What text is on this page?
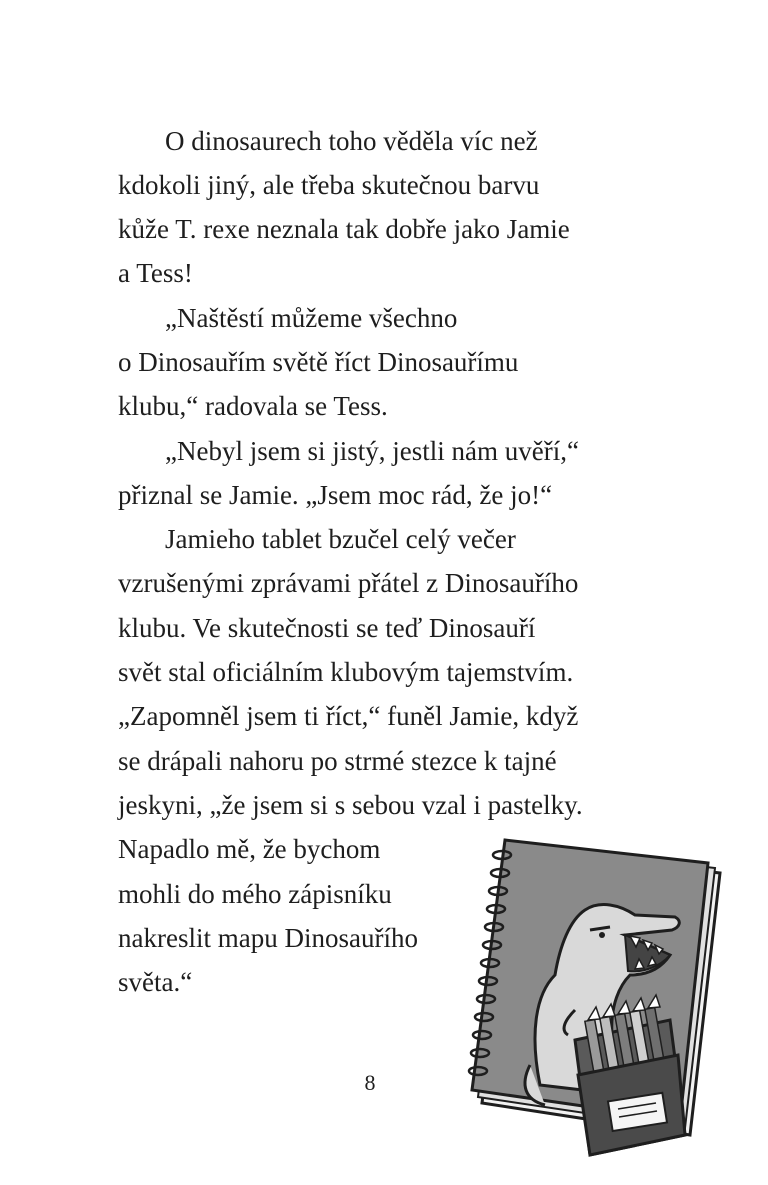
O dinosaurech toho věděla víc než
kdokoli jiný, ale třeba skutečnou barvu
kůže T. rexe neznala tak dobře jako Jamie
a Tess!
„Naštěstí můžeme všechno
o Dinosauřím světě říct Dinosauřímu
klubu,“ radovala se Tess.
„Nebyl jsem si jistý, jestli nám uvěří,“
přiznal se Jamie. „Jsem moc rád, že jo!“
Jamieho tablet bzučel celý večer
vzrušenými zprávami přátel z Dinosauřího
klubu. Ve skutečnosti se teď Dinosauří
svět stal oficiálním klubovým tajemstvím.
„Zapomněl jsem ti říct,“ funěl Jamie, když
se drápali nahoru po strmé stezce k tajné
jeskyni, „že jsem si s sebou vzal i pastelky.
Napadlo mě, že bychom
mohli do mého zápisníku
nakreslit mapu Dinosauřího
světa.“
8
